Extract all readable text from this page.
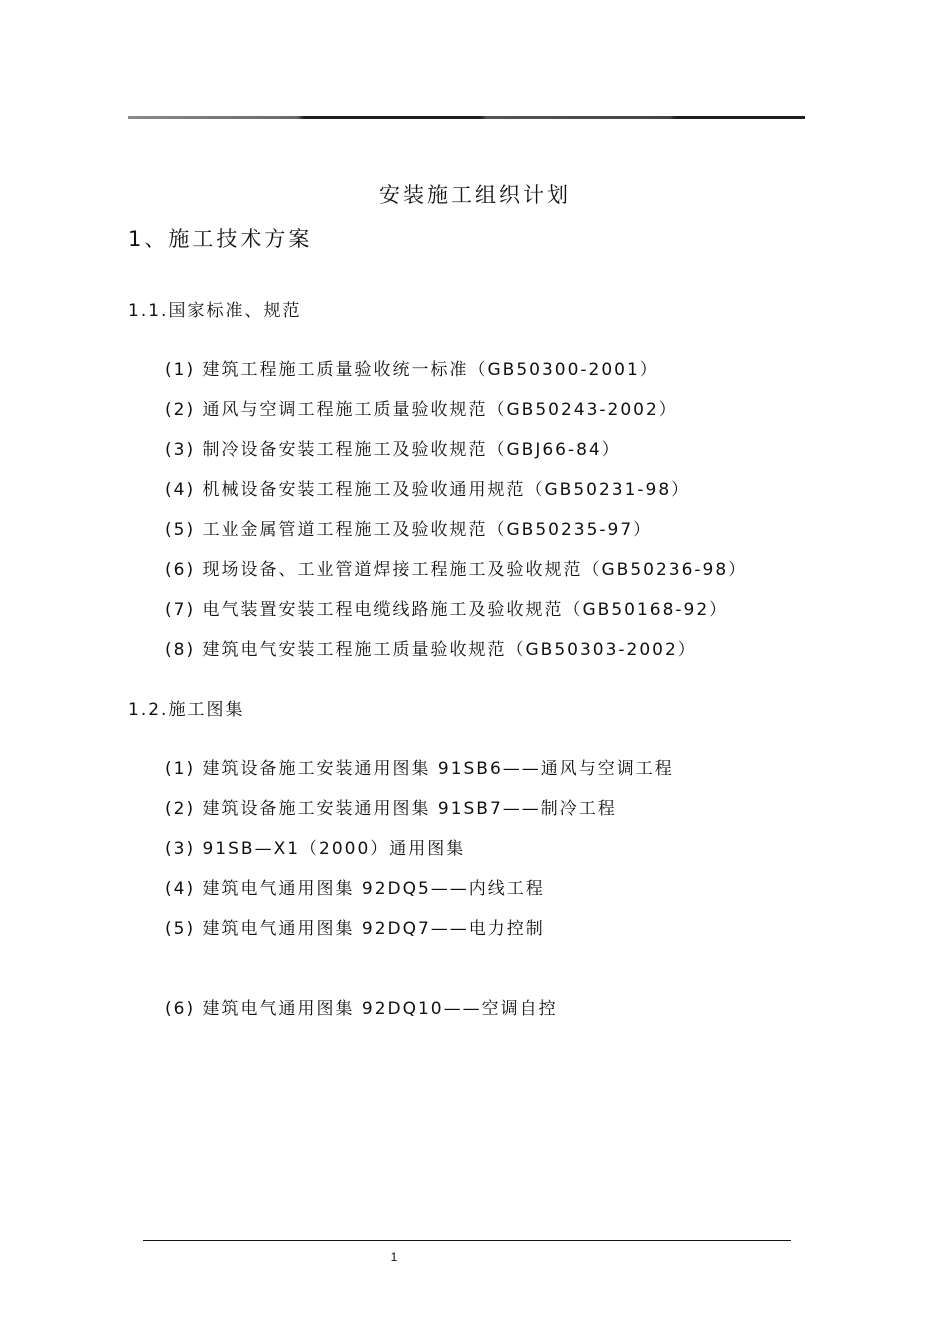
安装施工组织计划
1、施工技术方案
1.1.国家标准、规范
(1) 建筑工程施工质量验收统一标准（GB50300-2001）
(2) 通风与空调工程施工质量验收规范（GB50243-2002）
(3) 制冷设备安装工程施工及验收规范（GBJ66-84）
(4) 机械设备安装工程施工及验收通用规范（GB50231-98）
(5) 工业金属管道工程施工及验收规范（GB50235-97）
(6) 现场设备、工业管道焊接工程施工及验收规范（GB50236-98）
(7) 电气装置安装工程电缆线路施工及验收规范（GB50168-92）
(8) 建筑电气安装工程施工质量验收规范（GB50303-2002）
1.2.施工图集
(1) 建筑设备施工安装通用图集 91SB6——通风与空调工程
(2) 建筑设备施工安装通用图集 91SB7——制冷工程
(3) 91SB—X1（2000）通用图集
(4) 建筑电气通用图集 92DQ5——内线工程
(5) 建筑电气通用图集 92DQ7——电力控制
(6) 建筑电气通用图集 92DQ10——空调自控
1
